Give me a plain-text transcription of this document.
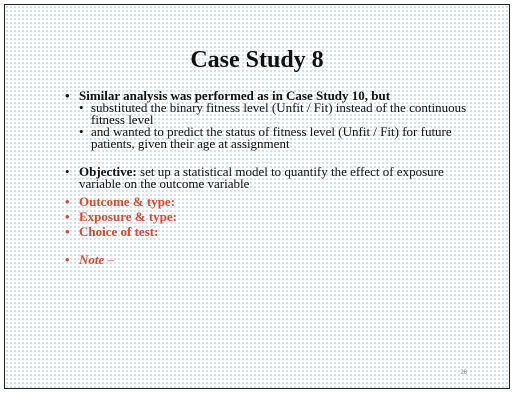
Case Study 8
• Similar analysis was performed as in Case Study 10, but
• substituted the binary fitness level (Unfit / Fit) instead of the continuous fitness level
• and wanted to predict the status of fitness level (Unfit / Fit) for future patients, given their age at assignment
• Objective: set up a statistical model to quantify the effect of exposure variable on the outcome variable
• Outcome & type:
• Exposure & type:
• Choice of test:
• Note –
26
